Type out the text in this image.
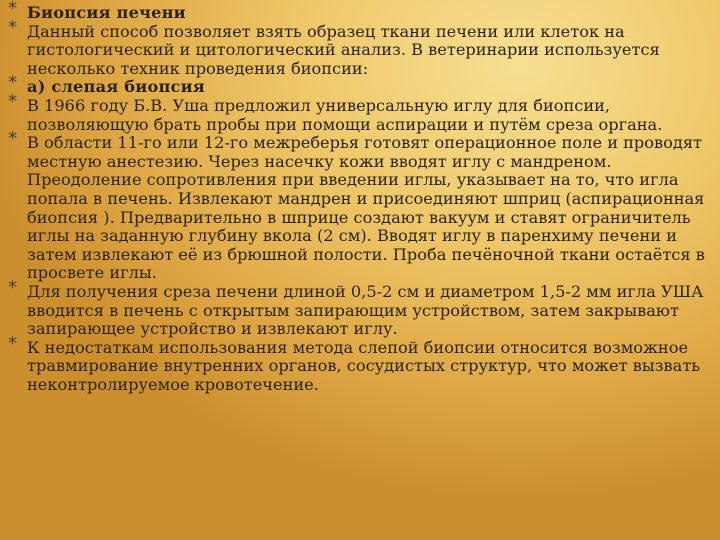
* Биопсия печени
* Данный способ позволяет взять образец ткани печени или клеток на гистологический и цитологический анализ. В ветеринарии используется несколько техник проведения биопсии:
* а) слепая биопсия
* В 1966 году Б.В. Уша предложил универсальную иглу для биопсии, позволяющую брать пробы при помощи аспирации и путём среза органа.
* В области 11-го или 12-го межреберья готовят операционное поле и проводят местную анестезию. Через насечку кожи вводят иглу с мандреном. Преодоление сопротивления при введении иглы, указывает на то, что игла попала в печень. Извлекают мандрен и присоединяют шприц (аспирационная биопсия ). Предварительно в шприце создают вакуум и ставят ограничитель иглы на заданную глубину вкола (2 см). Вводят иглу в паренхиму печени и затем извлекают её из брюшной полости. Проба печёночной ткани остаётся в просвете иглы.
* Для получения среза печени длиной 0,5-2 см и диаметром 1,5-2 мм игла УША вводится в печень с открытым запирающим устройством, затем закрывают запирающее устройство и извлекают иглу.
* К недостаткам использования метода слепой биопсии относится возможное травмирование внутренних органов, сосудистых структур, что может вызвать неконтролируемое кровотечение.
